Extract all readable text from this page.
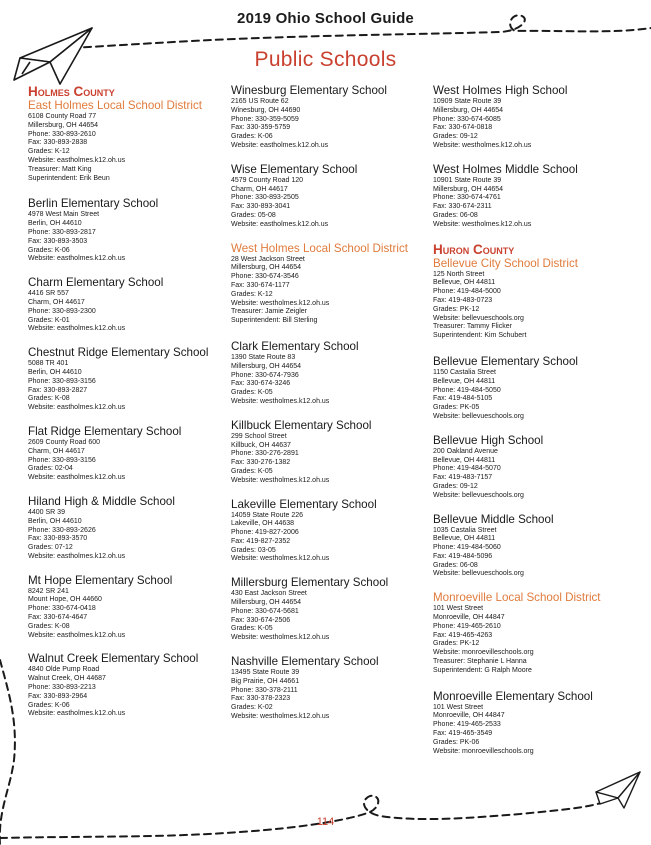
2019 Ohio School Guide
Public Schools
Holmes County
East Holmes Local School District
6108 County Road 77
Millersburg, OH 44654
Phone: 330-893-2610
Fax: 330-893-2838
Grades: K-12
Website: eastholmes.k12.oh.us
Treasurer: Matt King
Superintendent: Erik Beun
Berlin Elementary School
4978 West Main Street
Berlin, OH 44610
Phone: 330-893-2817
Fax: 330-893-3503
Grades: K-06
Website: eastholmes.k12.oh.us
Charm Elementary School
4416 SR 557
Charm, OH 44617
Phone: 330-893-2300
Grades: K-01
Website: eastholmes.k12.oh.us
Chestnut Ridge Elementary School
5088 TR 401
Berlin, OH 44610
Phone: 330-893-3156
Fax: 330-893-2827
Grades: K-08
Website: eastholmes.k12.oh.us
Flat Ridge Elementary School
2609 County Road 600
Charm, OH 44617
Phone: 330-893-3156
Grades: 02-04
Website: eastholmes.k12.oh.us
Hiland High & Middle School
4400 SR 39
Berlin, OH 44610
Phone: 330-893-2626
Fax: 330-893-3570
Grades: 07-12
Website: eastholmes.k12.oh.us
Mt Hope Elementary School
8242 SR 241
Mount Hope, OH 44660
Phone: 330-674-0418
Fax: 330-674-4647
Grades: K-08
Website: eastholmes.k12.oh.us
Walnut Creek Elementary School
4840 Olde Pump Road
Walnut Creek, OH 44687
Phone: 330-893-2213
Fax: 330-893-2964
Grades: K-06
Website: eastholmes.k12.oh.us
Winesburg Elementary School
2165 US Route 62
Winesburg, OH 44690
Phone: 330-359-5059
Fax: 330-359-5759
Grades: K-06
Website: eastholmes.k12.oh.us
Wise Elementary School
4579 County Road 120
Charm, OH 44617
Phone: 330-893-2505
Fax: 330-893-3041
Grades: 05-08
Website: eastholmes.k12.oh.us
West Holmes Local School District
28 West Jackson Street
Millersburg, OH 44654
Phone: 330-674-3546
Fax: 330-674-1177
Grades: K-12
Website: westholmes.k12.oh.us
Treasurer: Jamie Zeigler
Superintendent: Bill Sterling
Clark Elementary School
1390 State Route 83
Millersburg, OH 44654
Phone: 330-674-7936
Fax: 330-674-3246
Grades: K-05
Website: westholmes.k12.oh.us
Killbuck Elementary School
299 School Street
Killbuck, OH 44637
Phone: 330-276-2891
Fax: 330-276-1382
Grades: K-05
Website: westholmes.k12.oh.us
Lakeville Elementary School
14059 State Route 226
Lakeville, OH 44638
Phone: 419-827-2006
Fax: 419-827-2352
Grades: 03-05
Website: westholmes.k12.oh.us
Millersburg Elementary School
430 East Jackson Street
Millersburg, OH 44654
Phone: 330-674-5681
Fax: 330-674-2506
Grades: K-05
Website: westholmes.k12.oh.us
Nashville Elementary School
13495 State Route 39
Big Prairie, OH 44661
Phone: 330-378-2111
Fax: 330-378-2323
Grades: K-02
Website: westholmes.k12.oh.us
West Holmes High School
10909 State Route 39
Millersburg, OH 44654
Phone: 330-674-6085
Fax: 330-674-0818
Grades: 09-12
Website: westholmes.k12.oh.us
West Holmes Middle School
10901 State Route 39
Millersburg, OH 44654
Phone: 330-674-4761
Fax: 330-674-2311
Grades: 06-08
Website: westholmes.k12.oh.us
Huron County
Bellevue City School District
125 North Street
Bellevue, OH 44811
Phone: 419-484-5000
Fax: 419-483-0723
Grades: PK-12
Website: bellevueschools.org
Treasurer: Tammy Flicker
Superintendent: Kim Schubert
Bellevue Elementary School
1150 Castalia Street
Bellevue, OH 44811
Phone: 419-484-5050
Fax: 419-484-5105
Grades: PK-05
Website: bellevueschools.org
Bellevue High School
200 Oakland Avenue
Bellevue, OH 44811
Phone: 419-484-5070
Fax: 419-483-7157
Grades: 09-12
Website: bellevueschools.org
Bellevue Middle School
1035 Castalia Street
Bellevue, OH 44811
Phone: 419-484-5060
Fax: 419-484-5096
Grades: 06-08
Website: bellevueschools.org
Monroeville Local School District
101 West Street
Monroeville, OH 44847
Phone: 419-465-2610
Fax: 419-465-4263
Grades: PK-12
Website: monroevilleschools.org
Treasurer: Stephanie L Hanna
Superintendent: G Ralph Moore
Monroeville Elementary School
101 West Street
Monroeville, OH 44847
Phone: 419-465-2533
Fax: 419-465-3549
Grades: PK-06
Website: monroevilleschools.org
114
